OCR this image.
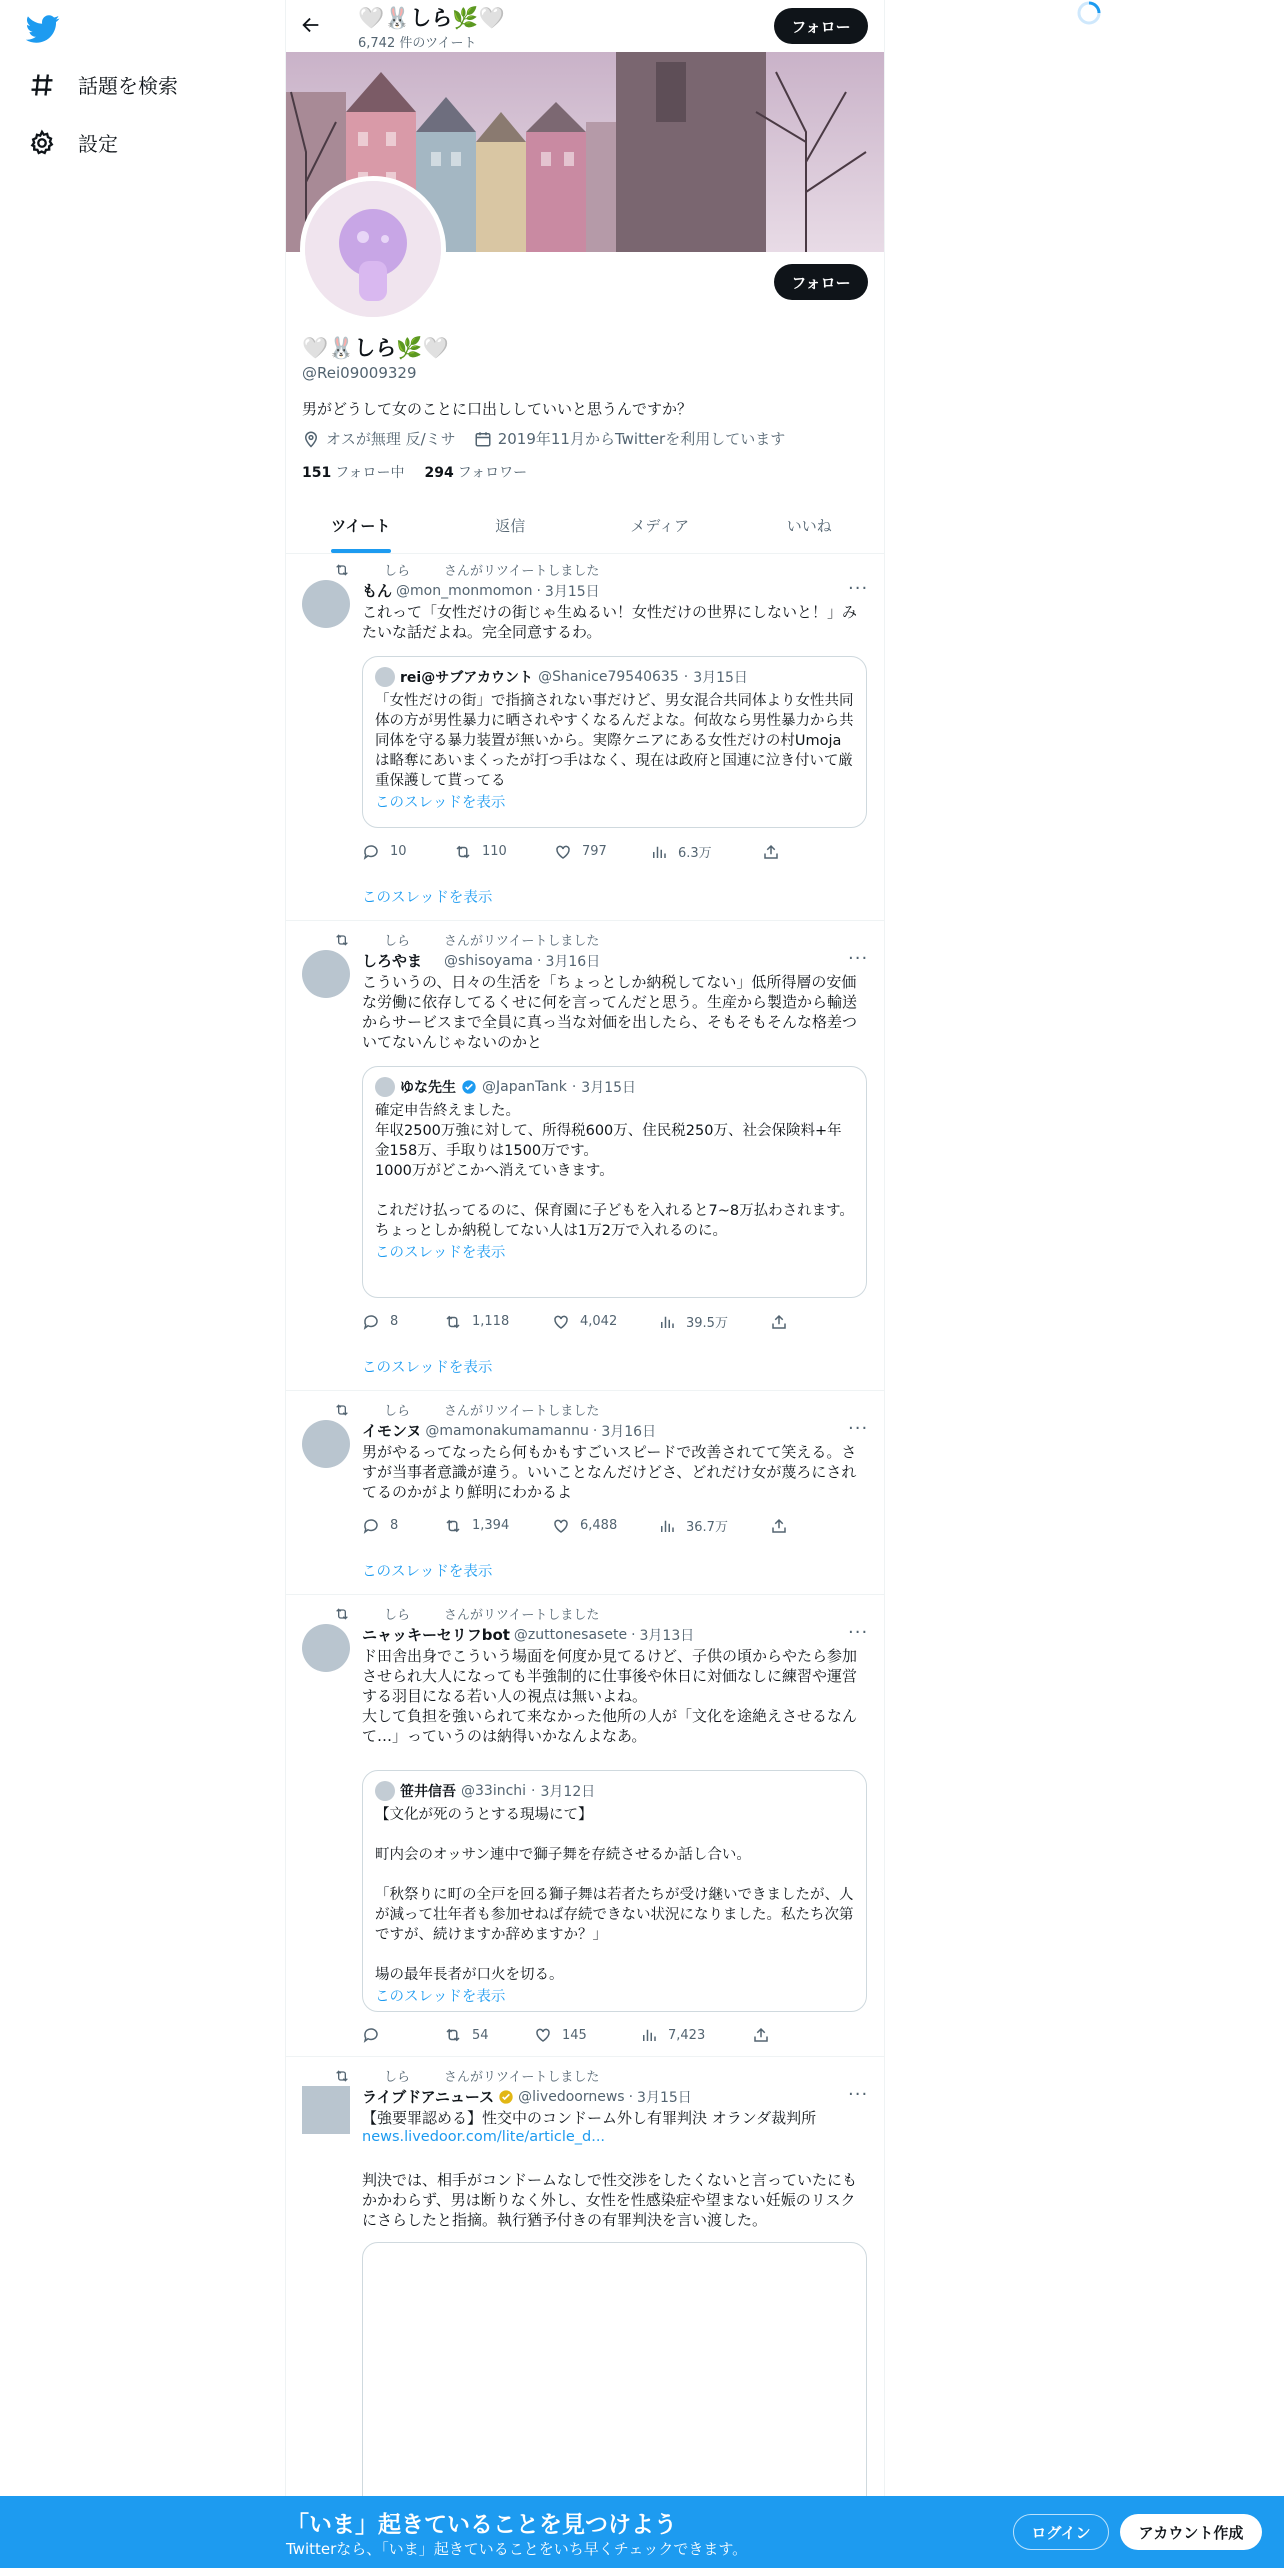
話題を検索
設定
🤍🐰しら🌿🤍
6,742 件のツイート
フォロー
フォロー
🤍🐰しら🌿🤍
@Rei09009329
男がどうして女のことに口出ししていいと思うんですか？
オスが無理 反/ミサ	2019年11月からTwitterを利用しています
151 フォロー中 294 フォロワー
ツイート	返信	メディア	いいね
しら	さんがリツイートしました
もん @mon_monmomon · 3月15日	···
これって「女性だけの街じゃ生ぬるい！女性だけの世界にしないと！」みたいな話だよね。完全同意するわ。
rei@サブアカウント @Shanice79540635 · 3月15日
「女性だけの街」で指摘されない事だけど、男女混合共同体より女性共同体の方が男性暴力に晒されやすくなるんだよな。何故なら男性暴力から共同体を守る暴力装置が無いから。実際ケニアにある女性だけの村Umojaは略奪にあいまくったが打つ手はなく、現在は政府と国連に泣き付いて厳重保護して貰ってる
このスレッドを表示
10	110	797	6.3万
このスレッドを表示
しら	さんがリツイートしました
しろやま @shisoyama · 3月16日	···
こういうの、日々の生活を「ちょっとしか納税してない」低所得層の安価な労働に依存してるくせに何を言ってんだと思う。生産から製造から輸送からサービスまで全員に真っ当な対価を出したら、そもそもそんな格差ついてないんじゃないのかと
ゆな先生 @JapanTank · 3月15日
確定申告終えました。
年収2500万強に対して、所得税600万、住民税250万、社会保険料+年金158万、手取りは1500万です。
1000万がどこかへ消えていきます。

これだけ払ってるのに、保育園に子どもを入れると7~8万払わされます。
ちょっとしか納税してない人は1万2万で入れるのに。
このスレッドを表示
8	1,118	4,042	39.5万
このスレッドを表示
しら	さんがリツイートしました
イモンヌ @mamonakumamannu · 3月16日	···
男がやるってなったら何もかもすごいスピードで改善されてて笑える。さすが当事者意識が違う。いいことなんだけどさ、どれだけ女が蔑ろにされてるのかがより鮮明にわかるよ
8	1,394	6,488	36.7万
このスレッドを表示
しら	さんがリツイートしました
ニャッキーセリフbot @zuttonesasete · 3月13日	···
ド田舎出身でこういう場面を何度か見てるけど、子供の頃からやたら参加させられ大人になっても半強制的に仕事後や休日に対価なしに練習や運営する羽目になる若い人の視点は無いよね。
大して負担を強いられて来なかった他所の人が「文化を途絶えさせるなんて…」っていうのは納得いかなんよなあ。
笹井信吾 @33inchi · 3月12日
【文化が死のうとする現場にて】

町内会のオッサン連中で獅子舞を存続させるか話し合い。

「秋祭りに町の全戸を回る獅子舞は若者たちが受け継いできましたが、人が減って壮年者も参加せねば存続できない状況になりました。私たち次第ですが、続けますか辞めますか？」

場の最年長者が口火を切る。
このスレッドを表示
54	145	7,423
しら	さんがリツイートしました
ライブドアニュース @livedoornews · 3月15日	···
【強要罪認める】性交中のコンドーム外し有罪判決 オランダ裁判所
news.livedoor.com/lite/article_d...
判決では、相手がコンドームなしで性交渉をしたくないと言っていたにもかかわらず、男は断りなく外し、女性を性感染症や望まない妊娠のリスクにさらしたと指摘。執行猶予付きの有罪判決を言い渡した。
「いま」起きていることを見つけよう
Twitterなら、「いま」起きていることをいち早くチェックできます。
ログイン	アカウント作成
